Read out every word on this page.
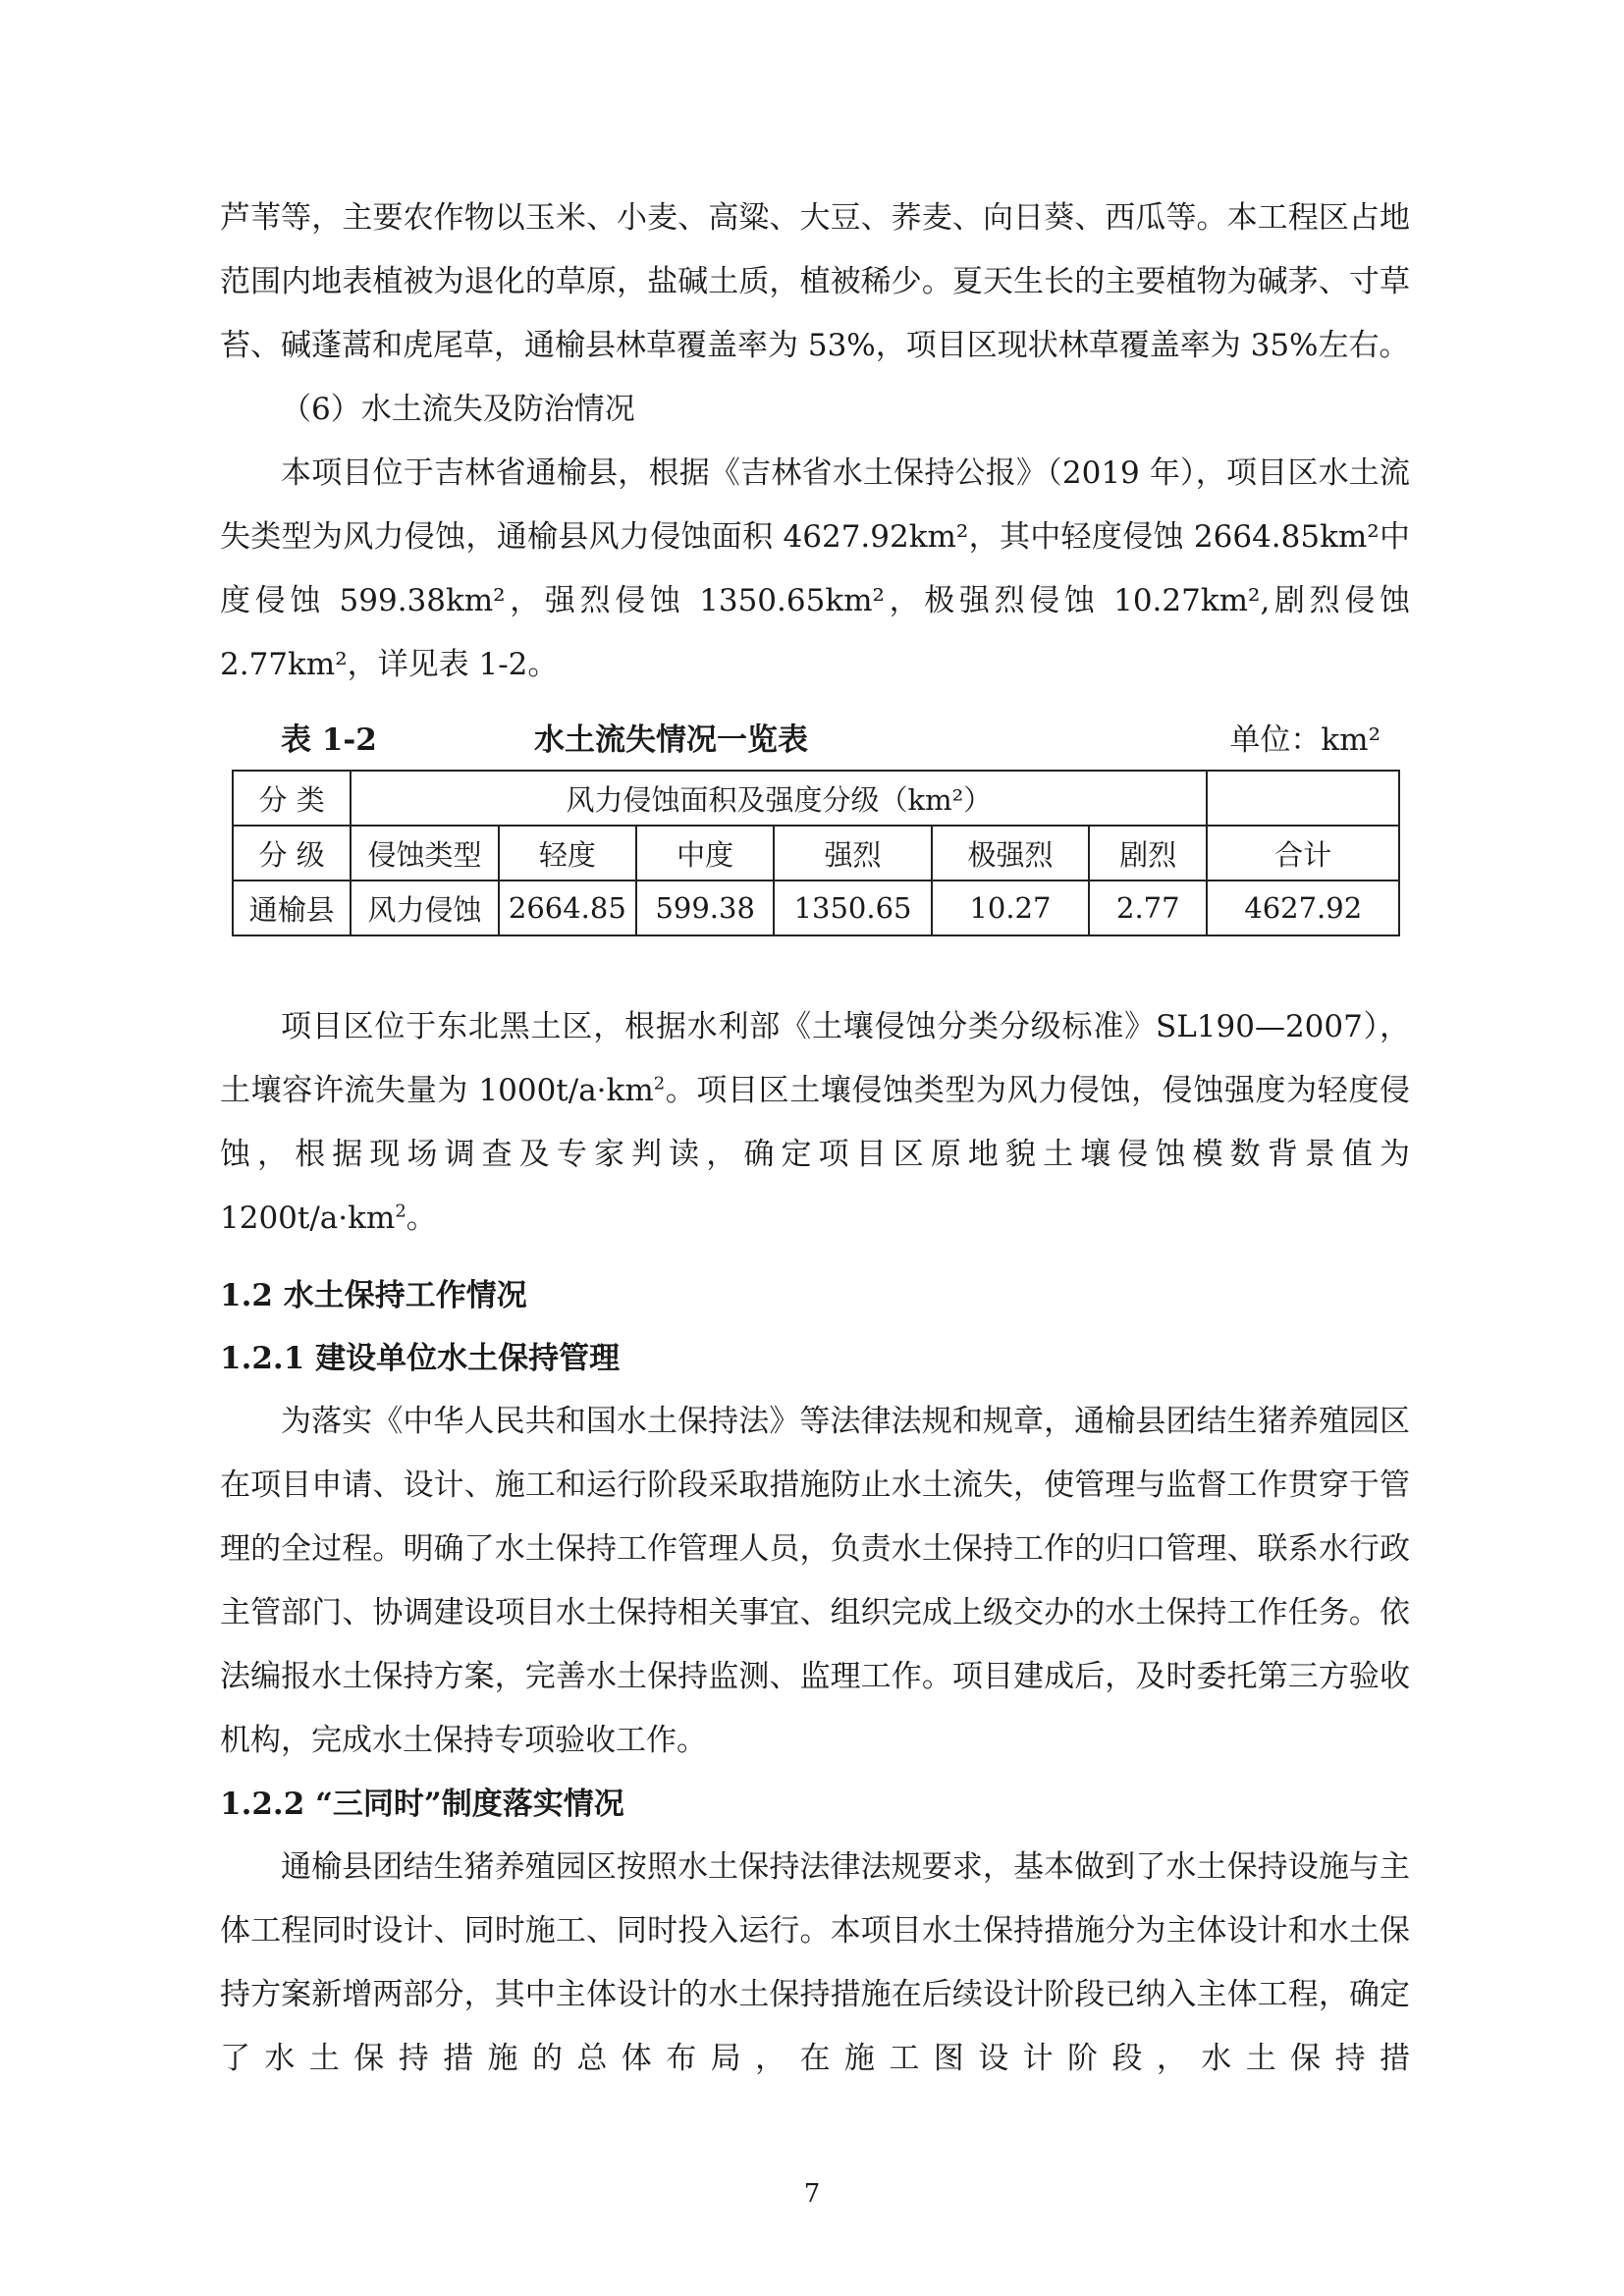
芦苇等，主要农作物以玉米、小麦、高粱、大豆、荞麦、向日葵、西瓜等。本工程区占地范围内地表植被为退化的草原，盐碱土质，植被稀少。夏天生长的主要植物为碱茅、寸草苔、碱蓬蒿和虎尾草，通榆县林草覆盖率为 53%，项目区现状林草覆盖率为 35%左右。

（6）水土流失及防治情况

本项目位于吉林省通榆县，根据《吉林省水土保持公报》（2019 年），项目区水土流失类型为风力侵蚀，通榆县风力侵蚀面积 4627.92km²，其中轻度侵蚀 2664.85km²中度侵蚀 599.38km²，强烈侵蚀 1350.65km²，极强烈侵蚀 10.27km²,剧烈侵蚀 2.77km²，详见表 1-2。

表 1-2	水土流失情况一览表	单位：km²
分 类	风力侵蚀面积及强度分级（km²）						
分 级	侵蚀类型	轻度	中度	强烈	极强烈	剧烈	合计
通榆县	风力侵蚀	2664.85	599.38	1350.65	10.27	2.77	4627.92

项目区位于东北黑土区，根据水利部《土壤侵蚀分类分级标准》SL190—2007），土壤容许流失量为 $1000t/a\cdot km^2$。项目区土壤侵蚀类型为风力侵蚀，侵蚀强度为轻度侵蚀，根据现场调查及专家判读，确定项目区原地貌土壤侵蚀模数背景值为 $1200t/a\cdot km^2$。

1.2 水土保持工作情况
1.2.1 建设单位水土保持管理

为落实《中华人民共和国水土保持法》等法律法规和规章，通榆县团结生猪养殖园区在项目申请、设计、施工和运行阶段采取措施防止水土流失，使管理与监督工作贯穿于管理的全过程。明确了水土保持工作管理人员，负责水土保持工作的归口管理、联系水行政主管部门、协调建设项目水土保持相关事宜、组织完成上级交办的水土保持工作任务。依法编报水土保持方案，完善水土保持监测、监理工作。项目建成后，及时委托第三方验收机构，完成水土保持专项验收工作。

1.2.2 “三同时”制度落实情况

通榆县团结生猪养殖园区按照水土保持法律法规要求，基本做到了水土保持设施与主体工程同时设计、同时施工、同时投入运行。本项目水土保持措施分为主体设计和水土保持方案新增两部分，其中主体设计的水土保持措施在后续设计阶段已纳入主体工程，确定了水土保持措施的总体布局，在施工图设计阶段，水土保持措

7
